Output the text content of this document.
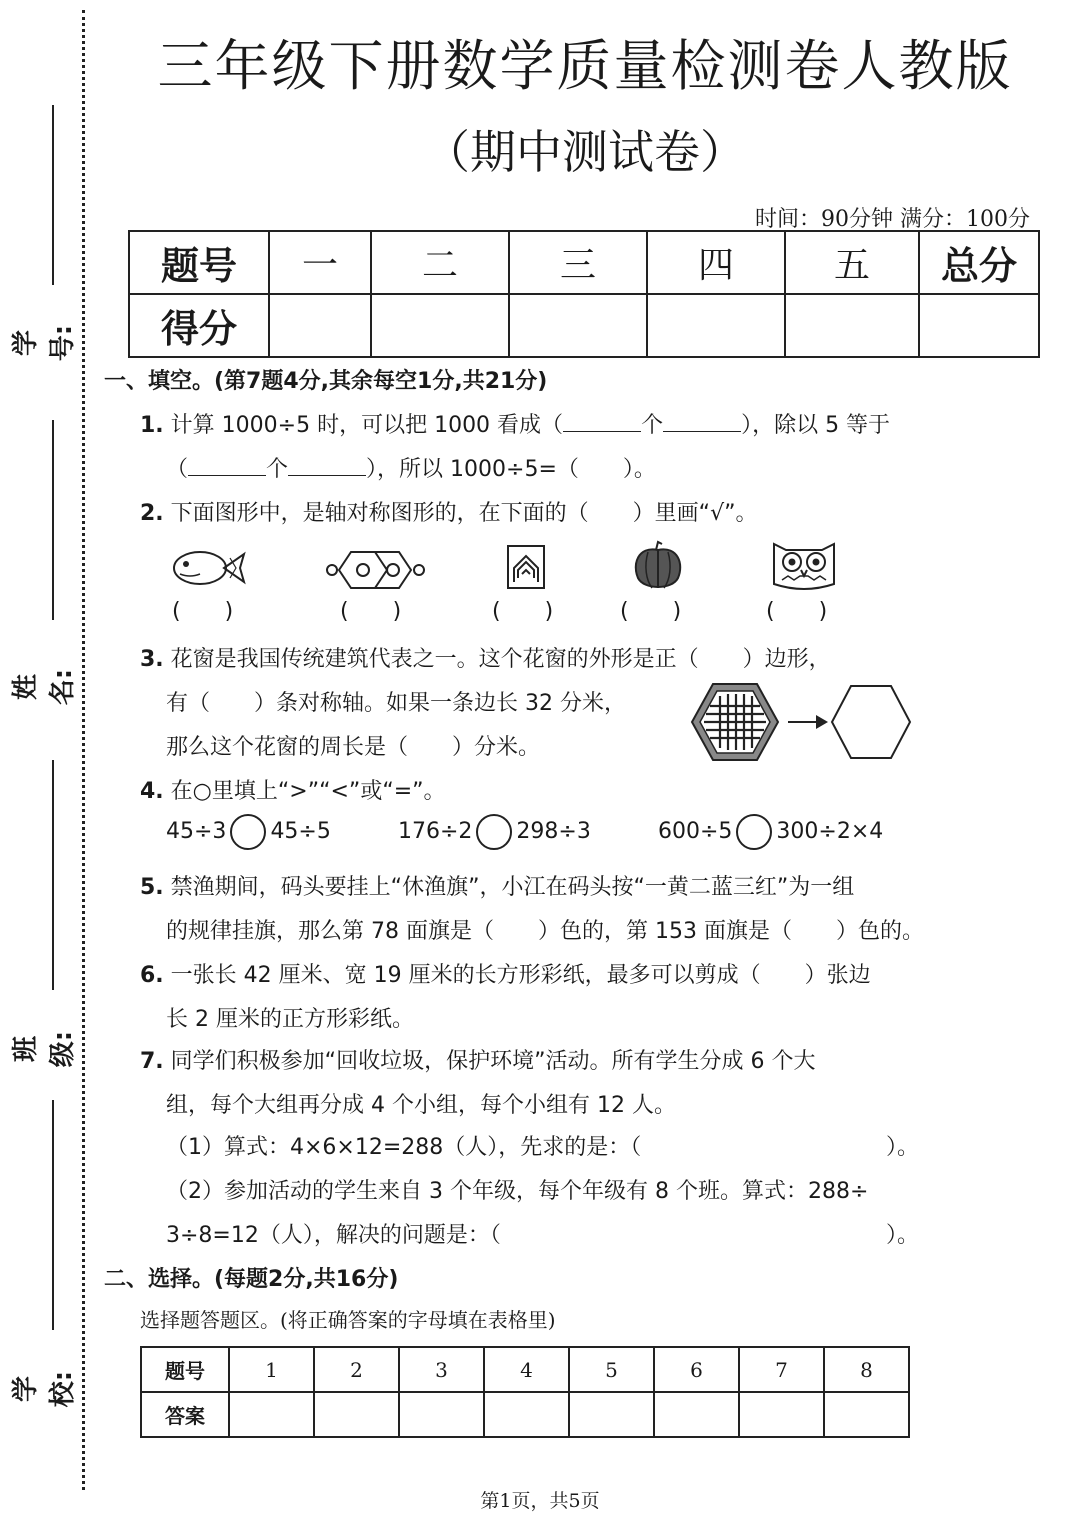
学号:
姓名:
班级:
学校:
三年级下册数学质量检测卷人教版
（期中测试卷）
时间：90分钟 满分：100分
题号	一	二	三	四	五	总分
得分						
一、填空。(第7题4分,其余每空1分,共21分)
1. 计算 1000÷5 时，可以把 1000 看成（	个	），除以 5 等于
（	个	），所以 1000÷5=（　　）。
2. 下面图形中，是轴对称图形的，在下面的（　　）里画“√”。
(　　)	(　　)	(　　)	(　　)	(　　)
3. 花窗是我国传统建筑代表之一。这个花窗的外形是正（　　）边形，
有（　　）条对称轴。如果一条边长 32 分米，
那么这个花窗的周长是（　　）分米。
4. 在○里填上“>”“<”或“=”。
45÷3 45÷5	176÷2 298÷3	600÷5 300÷2×4
5. 禁渔期间，码头要挂上“休渔旗”，小江在码头按“一黄二蓝三红”为一组
的规律挂旗，那么第 78 面旗是（　　）色的，第 153 面旗是（　　）色的。
6. 一张长 42 厘米、宽 19 厘米的长方形彩纸，最多可以剪成（　　）张边
长 2 厘米的正方形彩纸。
7. 同学们积极参加“回收垃圾，保护环境”活动。所有学生分成 6 个大
组，每个大组再分成 4 个小组，每个小组有 12 人。
（1）算式：4×6×12=288（人），先求的是：（	）。
（2）参加活动的学生来自 3 个年级，每个年级有 8 个班。算式：288÷
3÷8=12（人），解决的问题是：（	）。
二、选择。(每题2分,共16分)
选择题答题区。(将正确答案的字母填在表格里)
题号	1	2	3	4	5	6	7	8
答案								
第1页，共5页
